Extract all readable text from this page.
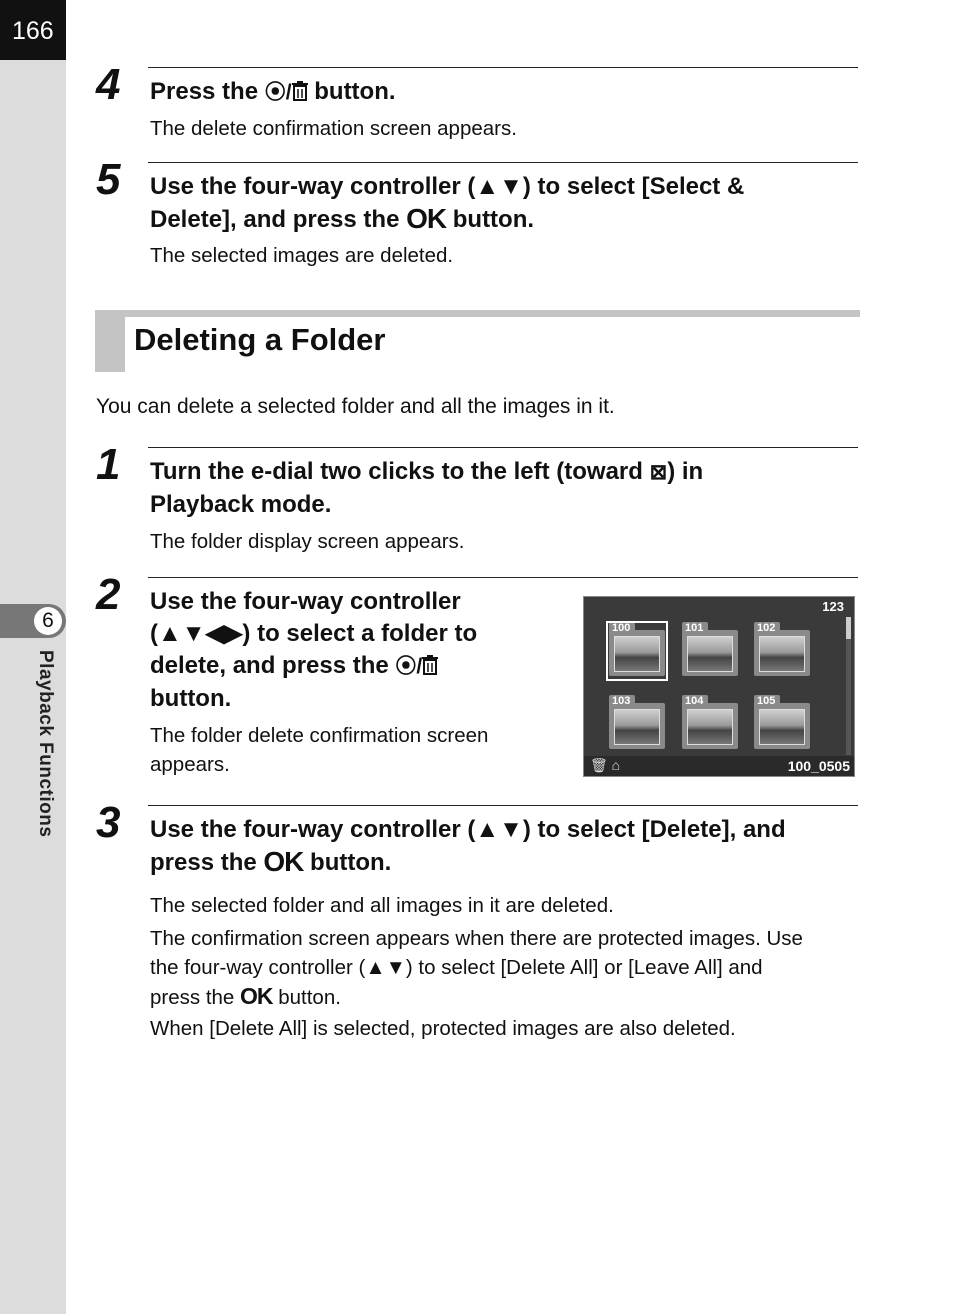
166
6
Playback Functions
4 Press the ⦿/ button.
The delete confirmation screen appears.
5 Use the four-way controller (▲▼) to select [Select &
Delete], and press the OK button.
The selected images are deleted.
Deleting a Folder
You can delete a selected folder and all the images in it.
1 Turn the e-dial two clicks to the left (toward ⊠) in
Playback mode.
The folder display screen appears.
2 Use the four-way controller
(▲▼◀▶) to select a folder to
delete, and press the ⦿/
button.
The folder delete confirmation screen
appears.
123
100	101	102
103	104	105
🗑 ⌂	100_0505
3 Use the four-way controller (▲▼) to select [Delete], and
press the OK button.
The selected folder and all images in it are deleted.
The confirmation screen appears when there are protected images. Use
the four-way controller (▲▼) to select [Delete All] or [Leave All] and
press the OK button.
When [Delete All] is selected, protected images are also deleted.
